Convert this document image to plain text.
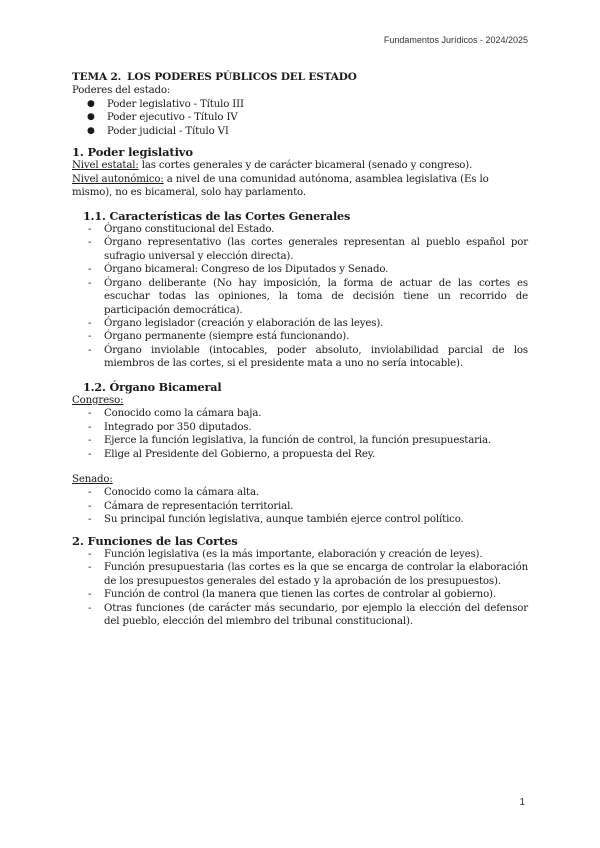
Fundamentos Jurídicos - 2024/2025
TEMA 2. LOS PODERES PÚBLICOS DEL ESTADO
Poderes del estado:
● Poder legislativo - Título III
● Poder ejecutivo - Título IV
● Poder judicial - Título VI
1. Poder legislativo
Nivel estatal: las cortes generales y de carácter bicameral (senado y congreso).
Nivel autonómico: a nivel de una comunidad autónoma, asamblea legislativa (Es lo mismo), no es bicameral, solo hay parlamento.
1.1. Características de las Cortes Generales
- Órgano constitucional del Estado.
- Órgano representativo (las cortes generales representan al pueblo español por sufragio universal y elección directa).
- Órgano bicameral: Congreso de los Diputados y Senado.
- Órgano deliberante (No hay imposición, la forma de actuar de las cortes es escuchar todas las opiniones, la toma de decisión tiene un recorrido de participación democrática).
- Órgano legislador (creación y elaboración de las leyes).
- Órgano permanente (siempre está funcionando).
- Órgano inviolable (intocables, poder absoluto, inviolabilidad parcial de los miembros de las cortes, si el presidente mata a uno no sería intocable).
1.2. Órgano Bicameral
Congreso:
- Conocido como la cámara baja.
- Integrado por 350 diputados.
- Ejerce la función legislativa, la función de control, la función presupuestaria.
- Elige al Presidente del Gobierno, a propuesta del Rey.
Senado:
- Conocido como la cámara alta.
- Cámara de representación territorial.
- Su principal función legislativa, aunque también ejerce control político.
2. Funciones de las Cortes
- Función legislativa (es la más importante, elaboración y creación de leyes).
- Función presupuestaria (las cortes es la que se encarga de controlar la elaboración de los presupuestos generales del estado y la aprobación de los presupuestos).
- Función de control (la manera que tienen las cortes de controlar al gobierno).
- Otras funciones (de carácter más secundario, por ejemplo la elección del defensor del pueblo, elección del miembro del tribunal constitucional).
1
